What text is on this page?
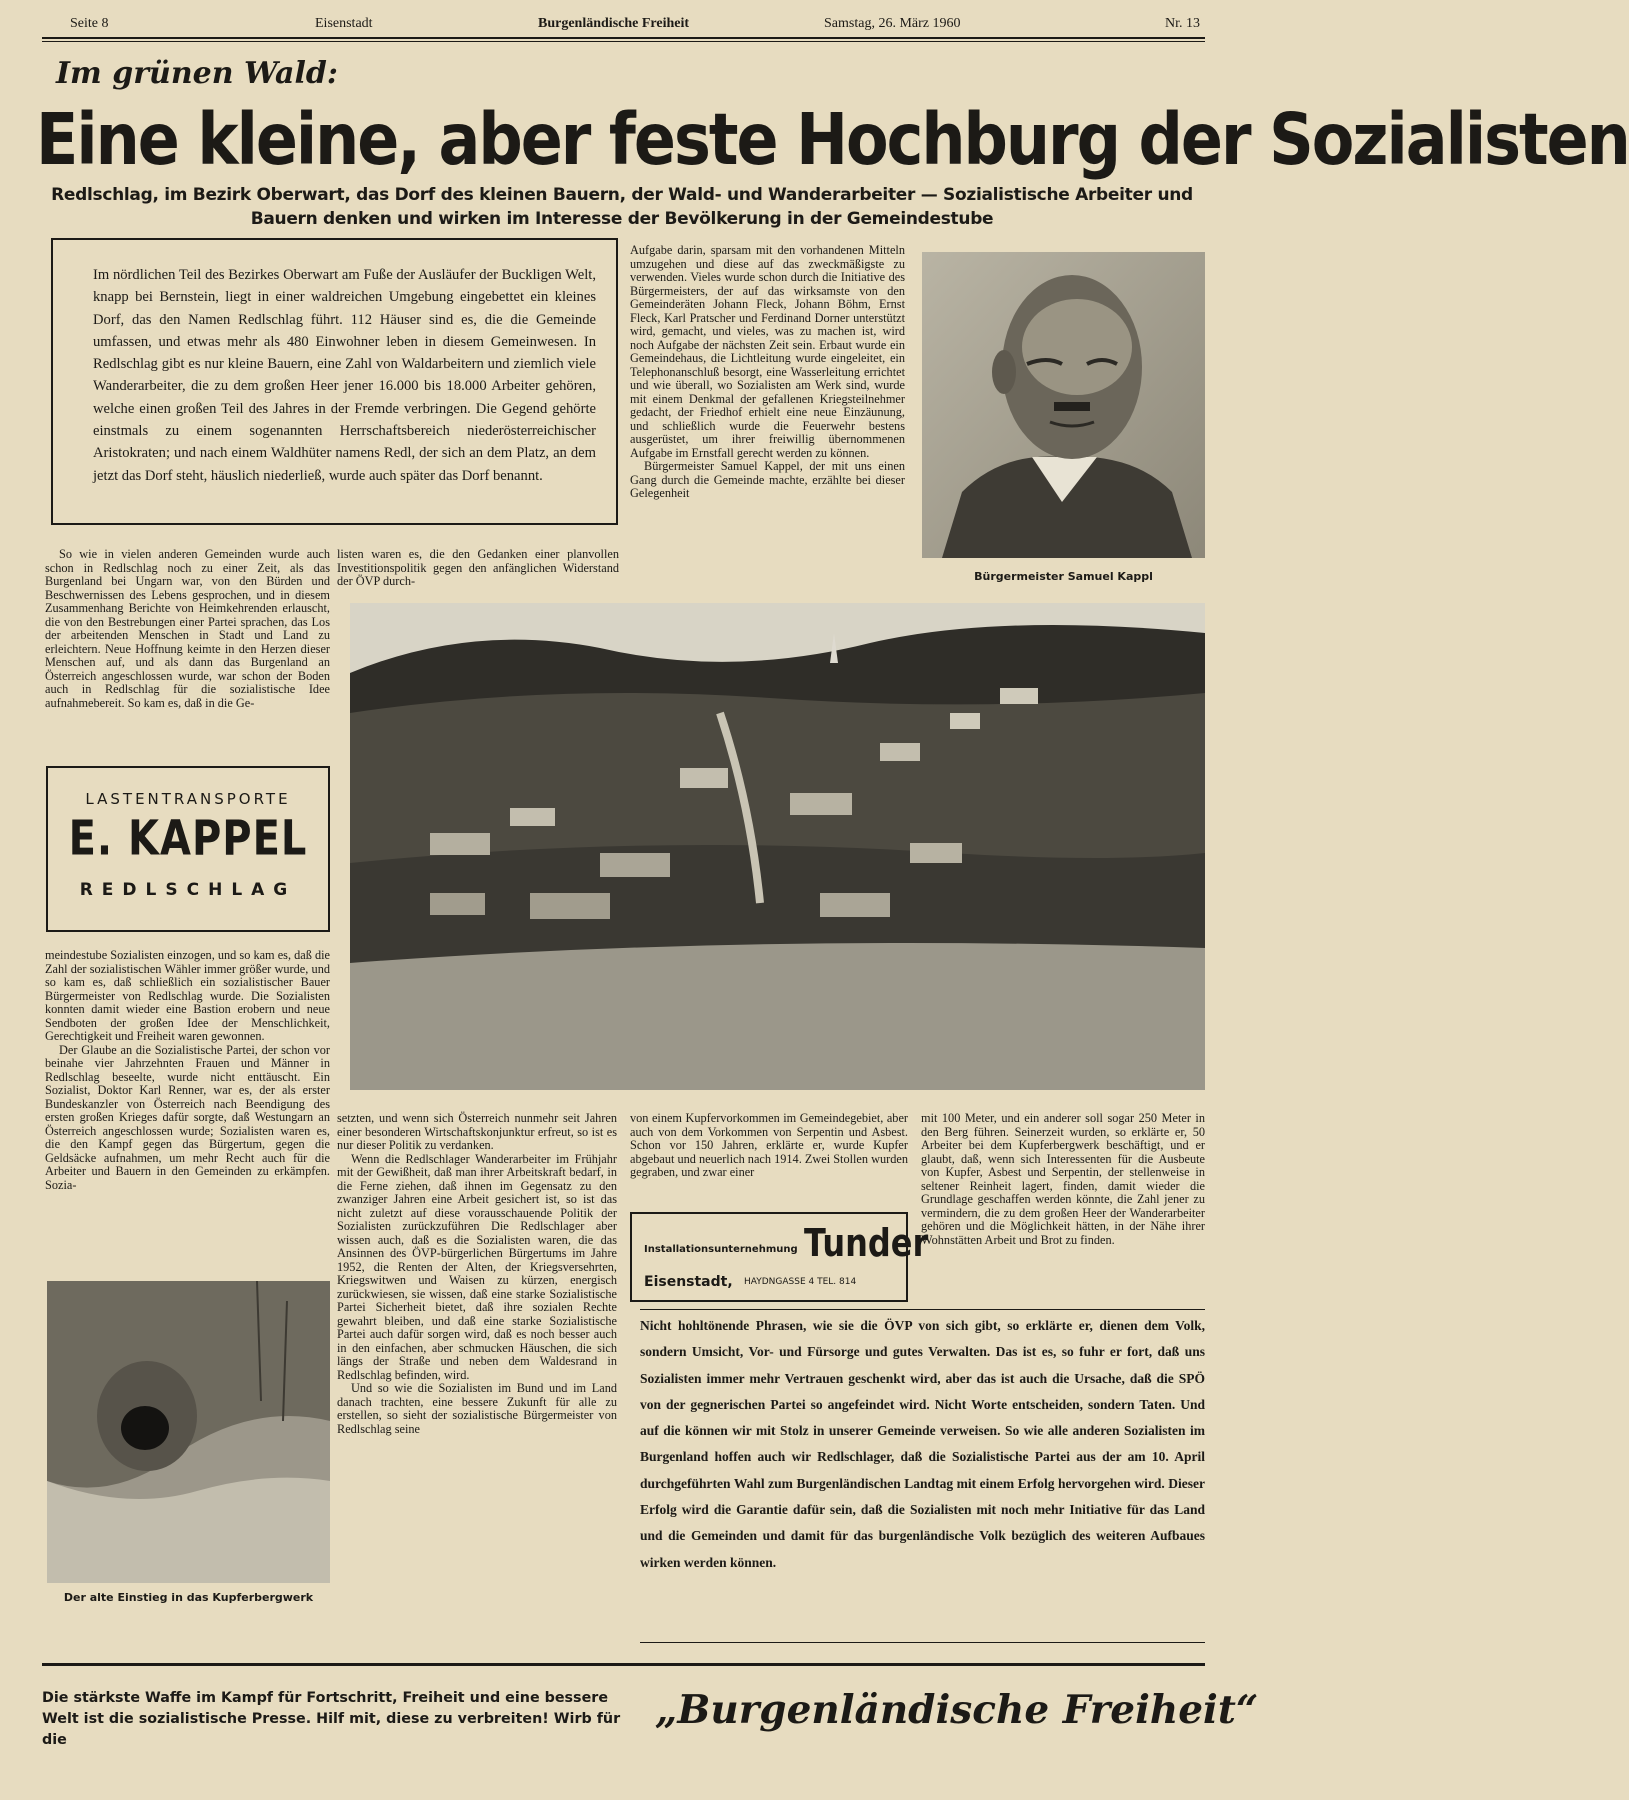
Seite 8	Eisenstadt	Burgenländische Freiheit	Samstag, 26. März 1960	Nr. 13
Im grünen Wald:
Eine kleine, aber feste Hochburg der Sozialisten
Redlschlag, im Bezirk Oberwart, das Dorf des kleinen Bauern, der Wald- und Wanderarbeiter — Sozialistische Arbeiter und Bauern denken und wirken im Interesse der Bevölkerung in der Gemeindestube
Im nördlichen Teil des Bezirkes Oberwart am Fuße der Ausläufer der Buckligen Welt, knapp bei Bernstein, liegt in einer waldreichen Umgebung eingebettet ein kleines Dorf, das den Namen Redlschlag führt. 112 Häuser sind es, die die Gemeinde umfassen, und etwas mehr als 480 Einwohner leben in diesem Gemeinwesen. In Redlschlag gibt es nur kleine Bauern, eine Zahl von Waldarbeitern und ziemlich viele Wanderarbeiter, die zu dem großen Heer jener 16.000 bis 18.000 Arbeiter gehören, welche einen großen Teil des Jahres in der Fremde verbringen. Die Gegend gehörte einstmals zu einem sogenannten Herrschaftsbereich niederösterreichischer Aristokraten; und nach einem Waldhüter namens Redl, der sich an dem Platz, an dem jetzt das Dorf steht, häuslich niederließ, wurde auch später das Dorf benannt.

Aufgabe darin, sparsam mit den vorhandenen Mitteln umzugehen und diese auf das zweckmäßigste zu verwenden. Vieles wurde schon durch die Initiative des Bürgermeisters, der auf das wirksamste von den Gemeinderäten Johann Fleck, Johann Böhm, Ernst Fleck, Karl Pratscher und Ferdinand Dorner unterstützt wird, gemacht, und vieles, was zu machen ist, wird noch Aufgabe der nächsten Zeit sein. Erbaut wurde ein Gemeindehaus, die Lichtleitung wurde eingeleitet, ein Telephonanschluß besorgt, eine Wasserleitung errichtet und wie überall, wo Sozialisten am Werk sind, wurde mit einem Denkmal der gefallenen Kriegsteilnehmer gedacht, der Friedhof erhielt eine neue Einzäunung, und schließlich wurde die Feuerwehr bestens ausgerüstet, um ihrer freiwillig übernommenen Aufgabe im Ernstfall gerecht werden zu können.

Bürgermeister Samuel Kappel, der mit uns einen Gang durch die Gemeinde machte, erzählte bei dieser Gelegenheit

Bürgermeister Samuel Kappl

So wie in vielen anderen Gemeinden wurde auch schon in Redlschlag noch zu einer Zeit, als das Burgenland bei Ungarn war, von den Bürden und Beschwernissen des Lebens gesprochen, und in diesem Zusammenhang Berichte von Heimkehrenden erlauscht, die von den Bestrebungen einer Partei sprachen, das Los der arbeitenden Menschen in Stadt und Land zu erleichtern. Neue Hoffnung keimte in den Herzen dieser Menschen auf, und als dann das Burgenland an Österreich angeschlossen wurde, war schon der Boden auch in Redlschlag für die sozialistische Idee aufnahmebereit. So kam es, daß in die Ge-

listen waren es, die den Gedanken einer planvollen Investitionspolitik gegen den anfänglichen Widerstand der ÖVP durch-

LASTENTRANSPORTE
E. KAPPEL
REDLSCHLAG

meindestube Sozialisten einzogen, und so kam es, daß die Zahl der sozialistischen Wähler immer größer wurde, und so kam es, daß schließlich ein sozialistischer Bauer Bürgermeister von Redlschlag wurde. Die Sozialisten konnten damit wieder eine Bastion erobern und neue Sendboten der großen Idee der Menschlichkeit, Gerechtigkeit und Freiheit waren gewonnen.

Der Glaube an die Sozialistische Partei, der schon vor beinahe vier Jahrzehnten Frauen und Männer in Redlschlag beseelte, wurde nicht enttäuscht. Ein Sozialist, Doktor Karl Renner, war es, der als erster Bundeskanzler von Österreich nach Beendigung des ersten großen Krieges dafür sorgte, daß Westungarn an Österreich angeschlossen wurde; Sozialisten waren es, die den Kampf gegen das Bürgertum, gegen die Geldsäcke aufnahmen, um mehr Recht auch für die Arbeiter und Bauern in den Gemeinden zu erkämpfen. Sozia-

Der alte Einstieg in das Kupferbergwerk

setzten, und wenn sich Österreich nunmehr seit Jahren einer besonderen Wirtschaftskonjunktur erfreut, so ist es nur dieser Politik zu verdanken.

Wenn die Redlschlager Wanderarbeiter im Frühjahr mit der Gewißheit, daß man ihrer Arbeitskraft bedarf, in die Ferne ziehen, daß ihnen im Gegensatz zu den zwanziger Jahren eine Arbeit gesichert ist, so ist das nicht zuletzt auf diese vorausschauende Politik der Sozialisten zurückzuführen Die Redlschlager aber wissen auch, daß es die Sozialisten waren, die das Ansinnen des ÖVP-bürgerlichen Bürgertums im Jahre 1952, die Renten der Alten, der Kriegsversehrten, Kriegswitwen und Waisen zu kürzen, energisch zurückwiesen, sie wissen, daß eine starke Sozialistische Partei Sicherheit bietet, daß ihre sozialen Rechte gewahrt bleiben, und daß eine starke Sozialistische Partei auch dafür sorgen wird, daß es noch besser auch in den einfachen, aber schmucken Häuschen, die sich längs der Straße und neben dem Waldesrand in Redlschlag befinden, wird.

Und so wie die Sozialisten im Bund und im Land danach trachten, eine bessere Zukunft für alle zu erstellen, so sieht der sozialistische Bürgermeister von Redlschlag seine

von einem Kupfervorkommen im Gemeindegebiet, aber auch von dem Vorkommen von Serpentin und Asbest. Schon vor 150 Jahren, erklärte er, wurde Kupfer abgebaut und neuerlich nach 1914. Zwei Stollen wurden gegraben, und zwar einer

Installationsunternehmung Tunder
Eisenstadt, HAYDNGASSE 4 TEL. 814

mit 100 Meter, und ein anderer soll sogar 250 Meter in den Berg führen. Seinerzeit wurden, so erklärte er, 50 Arbeiter bei dem Kupferbergwerk beschäftigt, und er glaubt, daß, wenn sich Interessenten für die Ausbeute von Kupfer, Asbest und Serpentin, der stellenweise in seltener Reinheit lagert, finden, damit wieder die Grundlage geschaffen werden könnte, die Zahl jener zu vermindern, die zu dem großen Heer der Wanderarbeiter gehören und die Möglichkeit hätten, in der Nähe ihrer Wohnstätten Arbeit und Brot zu finden.

Nicht hohltönende Phrasen, wie sie die ÖVP von sich gibt, so erklärte er, dienen dem Volk, sondern Umsicht, Vor- und Fürsorge und gutes Verwalten. Das ist es, so fuhr er fort, daß uns Sozialisten immer mehr Vertrauen geschenkt wird, aber das ist auch die Ursache, daß die SPÖ von der gegnerischen Partei so angefeindet wird. Nicht Worte entscheiden, sondern Taten. Und auf die können wir mit Stolz in unserer Gemeinde verweisen. So wie alle anderen Sozialisten im Burgenland hoffen auch wir Redlschlager, daß die Sozialistische Partei aus der am 10. April durchgeführten Wahl zum Burgenländischen Landtag mit einem Erfolg hervorgehen wird. Dieser Erfolg wird die Garantie dafür sein, daß die Sozialisten mit noch mehr Initiative für das Land und die Gemeinden und damit für das burgenländische Volk bezüglich des weiteren Aufbaues wirken werden können.
Die stärkste Waffe im Kampf für Fortschritt, Freiheit und eine bessere Welt ist die sozialistische Presse. Hilf mit, diese zu verbreiten! Wirb für die
„Burgenländische Freiheit“
